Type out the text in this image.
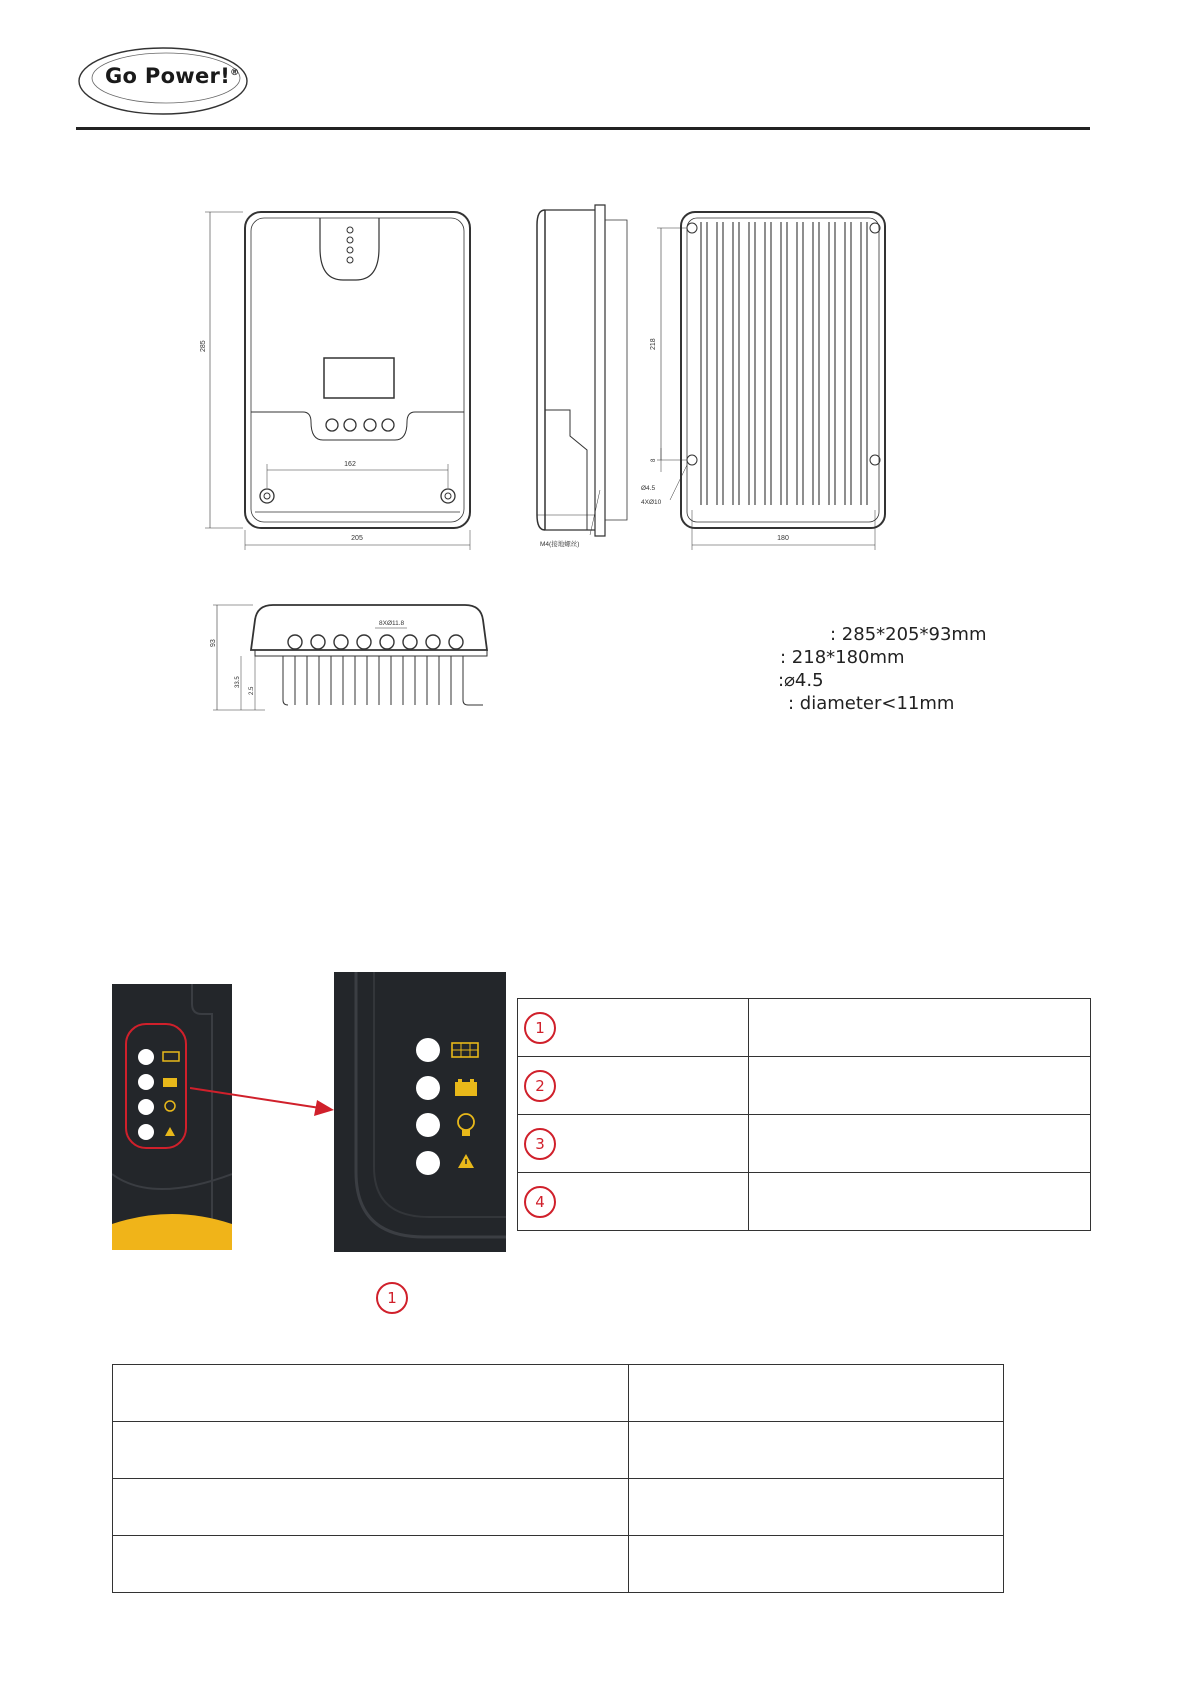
Go Power!®
162
205
285
M4(接地螺丝)
218
8
Ø4.5
4XØ10
180
8XØ11.8
93
33.5
2.5
: 285*205*93mm
: 218*180mm
:⌀4.5
: diameter<11mm
1	
2	
3	
4	
1
